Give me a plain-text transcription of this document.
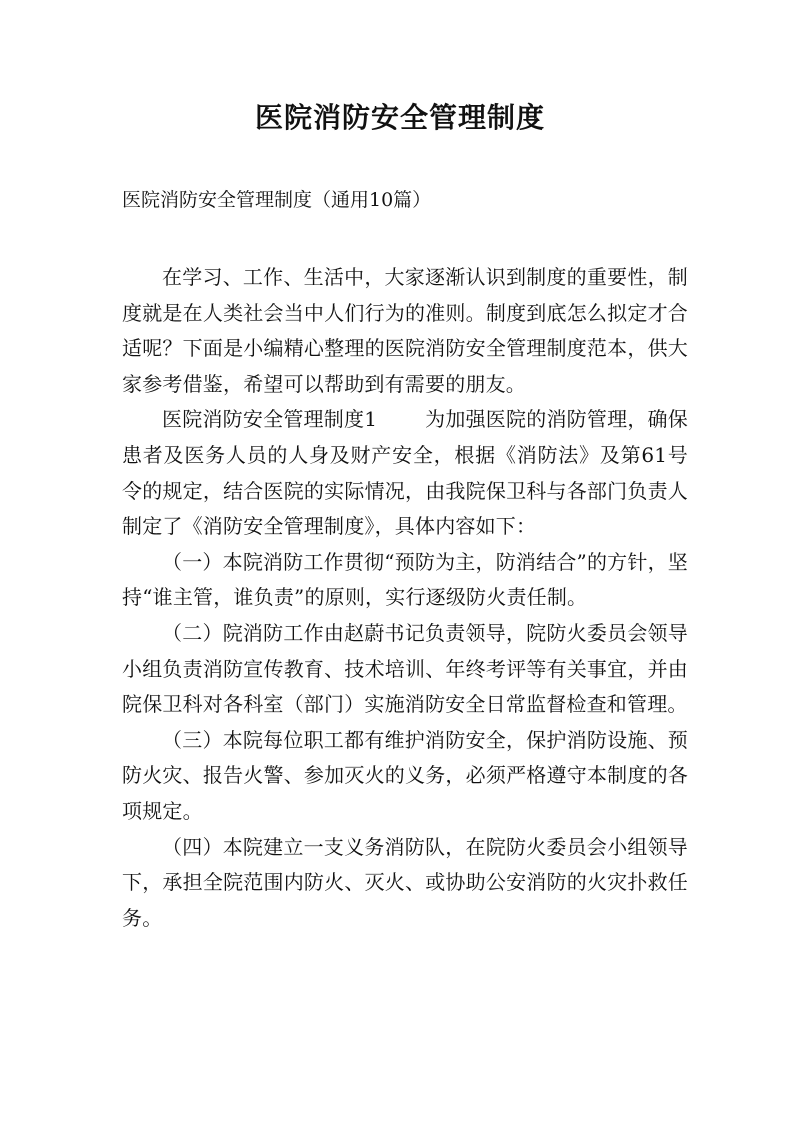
医院消防安全管理制度
医院消防安全管理制度（通用10篇）

在学习、工作、生活中，大家逐渐认识到制度的重要性，制度就是在人类社会当中人们行为的准则。制度到底怎么拟定才合适呢？下面是小编精心整理的医院消防安全管理制度范本，供大家参考借鉴，希望可以帮助到有需要的朋友。

医院消防安全管理制度1 为加强医院的消防管理，确保患者及医务人员的人身及财产安全，根据《消防法》及第61号令的规定，结合医院的实际情况，由我院保卫科与各部门负责人制定了《消防安全管理制度》，具体内容如下：

（一）本院消防工作贯彻“预防为主，防消结合”的方针，坚持“谁主管，谁负责”的原则，实行逐级防火责任制。

（二）院消防工作由赵蔚书记负责领导，院防火委员会领导小组负责消防宣传教育、技术培训、年终考评等有关事宜，并由院保卫科对各科室（部门）实施消防安全日常监督检查和管理。

（三）本院每位职工都有维护消防安全，保护消防设施、预防火灾、报告火警、参加灭火的义务，必须严格遵守本制度的各项规定。

（四）本院建立一支义务消防队，在院防火委员会小组领导下，承担全院范围内防火、灭火、或协助公安消防的火灾扑救任务。
